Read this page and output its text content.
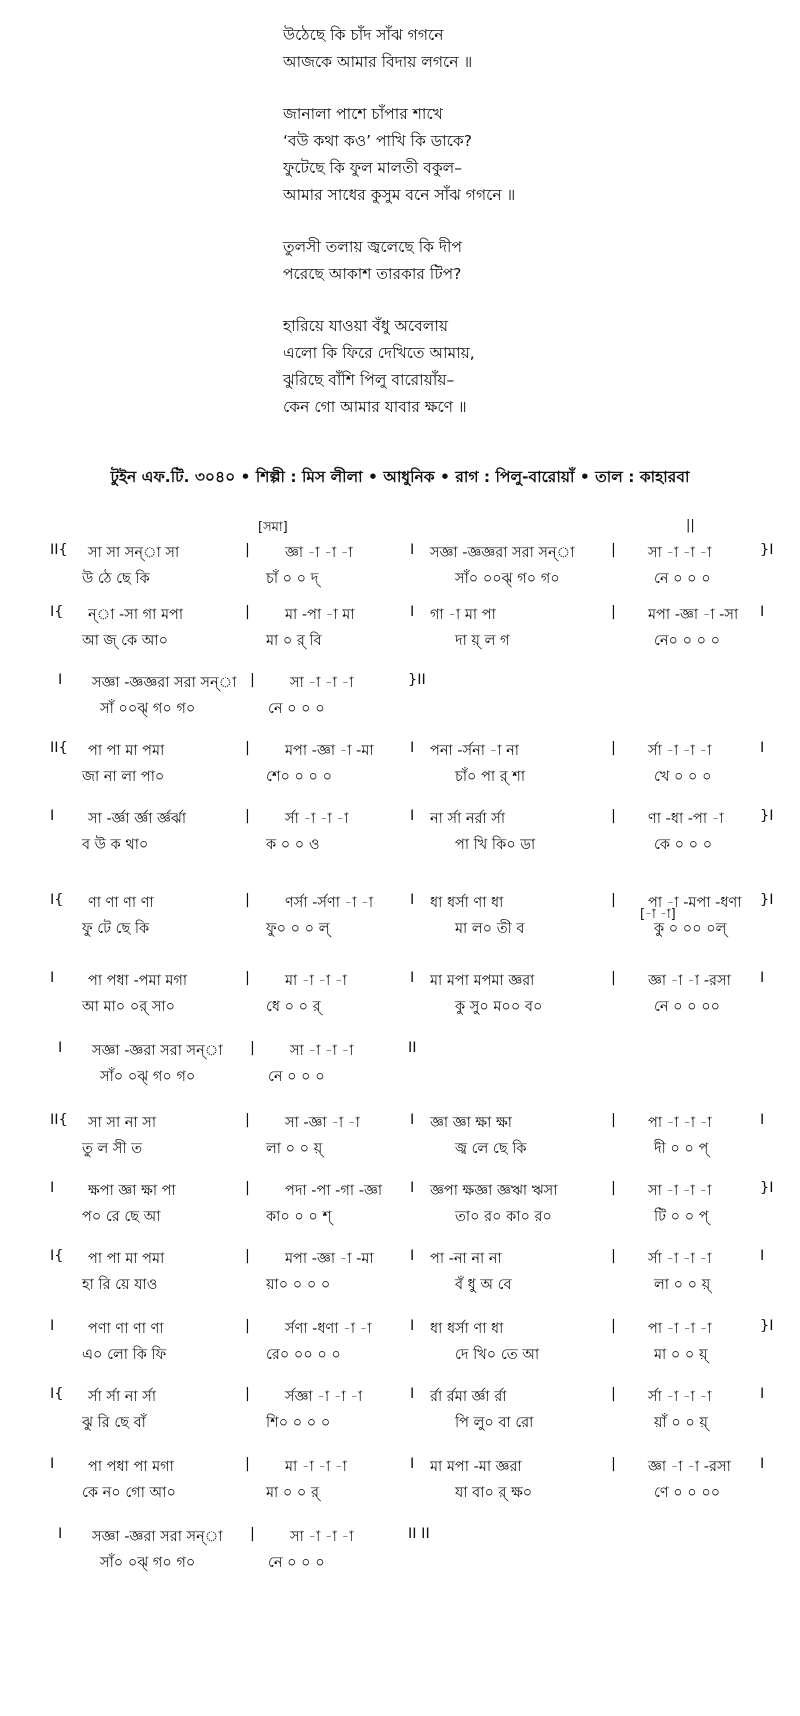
উঠেছে কি চাঁদ সাঁঝ গগনে
আজকে আমার বিদায় লগনে ॥
জানালা পাশে চাঁপার শাখে
‘বউ কথা কও’ পাখি কি ডাকে?
ফুটেছে কি ফুল মালতী বকুল–
আমার সাধের কুসুম বনে সাঁঝ গগনে ॥
তুলসী তলায় জ্বলেছে কি দীপ
পরেছে আকাশ তারকার টিপ?
হারিয়ে যাওয়া বঁধু অবেলায়
এলো কি ফিরে দেখিতে আমায়,
ঝুরিছে বাঁশি পিলু বারোয়াঁয়–
কেন গো আমার যাবার ক্ষণে ॥
টুইন এফ.টি. ৩০৪০ • শিল্পী : মিস লীলা • আধুনিক • রাগ : পিলু-বারোয়াঁ • তাল : কাহারবা
[সমা]	||
[-া -া]
II{ সা সা সন্া সা	| জ্ঞা -া -া -া	I সজ্ঞা -জ্ঞজ্ঞরা সরা সন্া	| সা -া -া -া	}I
উ ঠে ছে কি	চাঁ ০ ০ দ্	সাঁ০ ০০ঝ্ গ০ গ০	নে ০ ০ ০
I{ ন্া -সা গা মপা	| মা -পা -া মা	I গা -া মা পা	| মপা -জ্ঞা -া -সা I
আ জ্ কে আ০	মা ০ র্ বি	দা য়্ ল গ	নে০ ০ ০ ০
I সজ্ঞা -জ্ঞজ্ঞরা সরা সন্া | সা -া -া -া	}II
সাঁ ০০ঝ্ গ০ গ০	নে ০ ০ ০
II{ পা পা মা পমা	| মপা -জ্ঞা -া -মা	I পনা -র্সনা -া না	| র্সা -া -া -া	I
জা না লা পা০	শে০ ০ ০ ০	চাঁ০ পা র্ শা	খে ০ ০ ০
I সা -র্জ্ঞা র্জ্ঞা র্জ্ঞর্ঝা	| র্সা -া -া -া	I না র্সা নর্রা র্সা	| ণা -ধা -পা -া	}I
ব উ ক থা০	ক ০ ০ ও	পা খি কি০ ডা	কে ০ ০ ০
I{ ণা ণা ণা ণা	| ণর্সা -র্সণা -া -া	I ধা ধর্সা ণা ধা	| পা -া -মপা -ধণা }I
ফু টে ছে কি	ফু০ ০ ০ ল্	মা ল০ তী ব	কু ০ ০০ ০ল্
I পা পধা -পমা মগা	| মা -া -া -া	I মা মপা মপমা জ্ঞরা	| জ্ঞা -া -া -রসা I
আ মা০ ০র্ সা০	ধে ০ ০ র্	কু সু০ ম০০ ব০	নে ০ ০ ০০
I সজ্ঞা -জ্ঞরা সরা সন্া | সা -া -া -া	II
সাঁ০ ০ঝ্ গ০ গ০	নে ০ ০ ০
II{ সা সা না সা	| সা -জ্ঞা -া -া	I জ্ঞা জ্ঞা ক্ষা ক্ষা	| পা -া -া -া	I
তু ল সী ত	লা ০ ০ য়্	জ্ব লে ছে কি	দী ০ ০ প্
I ক্ষপা জ্ঞা ক্ষা পা	| পদা -পা -গা -জ্ঞা I জ্ঞপা ক্ষজ্ঞা জ্ঞঋা ঋসা	| সা -া -া -া	}I
প০ রে ছে আ	কা০ ০ ০ শ্	তা০ র০ কা০ র০	টি ০ ০ প্
I{ পা পা মা পমা	| মপা -জ্ঞা -া -মা	I পা -না না না	| র্সা -া -া -া	I
হা রি য়ে যাও	য়া০ ০ ০ ০	বঁ ধু অ বে	লা ০ ০ য়্
I পণা ণা ণা ণা	| র্সণা -ধণা -া -া	I ধা ধর্সা ণা ধা	| পা -া -া -া	}I
এ০ লো কি ফি	রে০ ০০ ০ ০	দে খি০ তে আ	মা ০ ০ য়্
I{ র্সা র্সা না র্সা	| র্সজ্ঞা -া -া -া	I র্রা র্রমা র্জ্ঞা র্রা	| র্সা -া -া -া	I
ঝু রি ছে বাঁ	শি০ ০ ০ ০	পি লু০ বা রো	য়াঁ ০ ০ য়্
I পা পধা পা মগা	| মা -া -া -া	I মা মপা -মা জ্ঞরা	| জ্ঞা -া -া -রসা I
কে ন০ গো আ০	মা ০ ০ র্	যা বা০ র্ ক্ষ০	ণে ০ ০ ০০
I সজ্ঞা -জ্ঞরা সরা সন্া | সা -া -া -া	II II
সাঁ০ ০ঝ্ গ০ গ০	নে ০ ০ ০
